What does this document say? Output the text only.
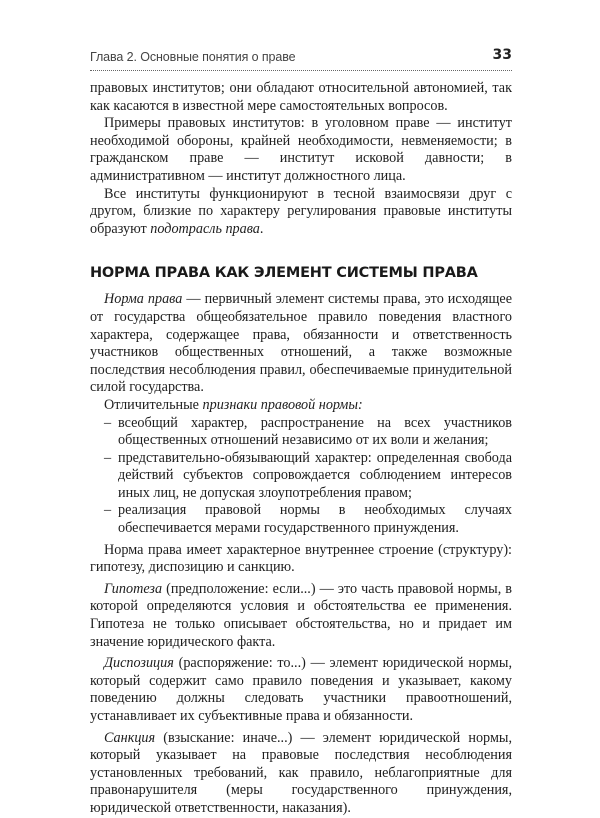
Глава 2. Основные понятия о праве	33

правовых институтов; они обладают относительной автономией, так как касаются в известной мере самостоятельных вопросов.

Примеры правовых институтов: в уголовном праве — институт необходимой обороны, крайней необходимости, невменяемости; в гражданском праве — институт исковой давности; в административном — институт должностного лица.

Все институты функционируют в тесной взаимосвязи друг с другом, близкие по характеру регулирования правовые институты образуют подотрасль права.

НОРМА ПРАВА КАК ЭЛЕМЕНТ СИСТЕМЫ ПРАВА

Норма права — первичный элемент системы права, это исходящее от государства общеобязательное правило поведения властного характера, содержащее права, обязанности и ответственность участников общественных отношений, а также возможные последствия несоблюдения правил, обеспечиваемые принудительной силой государства.

Отличительные признаки правовой нормы:

– всеобщий характер, распространение на всех участников общественных отношений независимо от их воли и желания;
– представительно-обязывающий характер: определенная свобода действий субъектов сопровождается соблюдением интересов иных лиц, не допуская злоупотребления правом;
– реализация правовой нормы в необходимых случаях обеспечивается мерами государственного принуждения.

Норма права имеет характерное внутреннее строение (структуру): гипотезу, диспозицию и санкцию.

Гипотеза (предположение: если...) — это часть правовой нормы, в которой определяются условия и обстоятельства ее применения. Гипотеза не только описывает обстоятельства, но и придает им значение юридического факта.

Диспозиция (распоряжение: то...) — элемент юридической нормы, который содержит само правило поведения и указывает, какому поведению должны следовать участники правоотношений, устанавливает их субъективные права и обязанности.

Санкция (взыскание: иначе...) — элемент юридической нормы, который указывает на правовые последствия несоблюдения установленных требований, как правило, неблагоприятные для правонарушителя (меры государственного принуждения, юридической ответственности, наказания).
